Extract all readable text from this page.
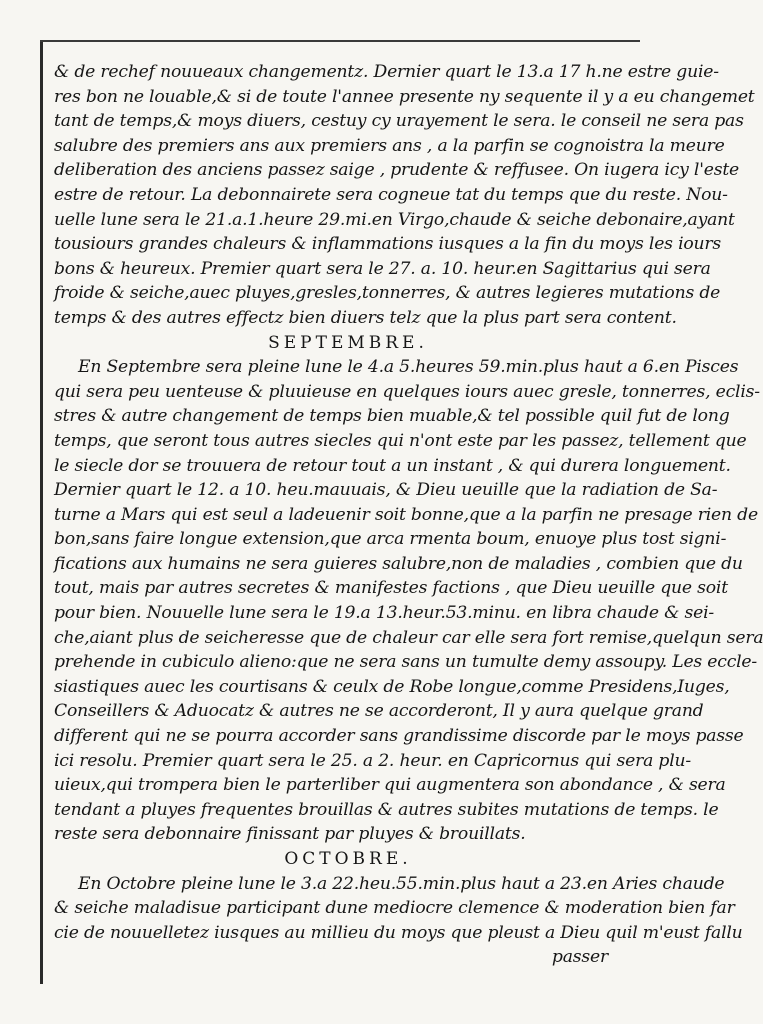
& de rechef nouueaux changementz. Dernier quart le 13.a 17 h.ne estre guie-

res bon ne louable,& si de toute l'annee presente ny sequente il y a eu changemet

tant de temps,& moys diuers, cestuy cy urayement le sera. le conseil ne sera pas

salubre des premiers ans aux premiers ans , a la parfin se cognoistra la meure

deliberation des anciens passez saige , prudente & reffusee. On iugera icy l'este

estre de retour. La debonnairete sera cogneue tat du temps que du reste. Nou-

uelle lune sera le 21.a.1.heure 29.mi.en Virgo,chaude & seiche debonaire,ayant

tousiours grandes chaleurs & inflammations iusques a la fin du moys les iours

bons & heureux. Premier quart sera le 27. a. 10. heur.en Sagittarius qui sera

froide & seiche,auec pluyes,gresles,tonnerres, & autres legieres mutations de

temps & des autres effectz bien diuers telz que la plus part sera content.

SEPTEMBRE.

En Septembre sera pleine lune le 4.a 5.heures 59.min.plus haut a 6.en Pisces

qui sera peu uenteuse & pluuieuse en quelques iours auec gresle, tonnerres, eclis-

stres & autre changement de temps bien muable,& tel possible quil fut de long

temps, que seront tous autres siecles qui n'ont este par les passez, tellement que

le siecle dor se trouuera de retour tout a un instant , & qui durera longuement.

Dernier quart le 12. a 10. heu.mauuais, & Dieu ueuille que la radiation de Sa-

turne a Mars qui est seul a ladeuenir soit bonne,que a la parfin ne presage rien de

bon,sans faire longue extension,que arca rmenta boum, enuoye plus tost signi-

fications aux humains ne sera guieres salubre,non de maladies , combien que du

tout, mais par autres secretes & manifestes factions , que Dieu ueuille que soit

pour bien. Nouuelle lune sera le 19.a 13.heur.53.minu. en libra chaude & sei-

che,aiant plus de seicheresse que de chaleur car elle sera fort remise,quelqun sera

prehende in cubiculo alieno:que ne sera sans un tumulte demy assoupy. Les eccle-

siastiques auec les courtisans & ceulx de Robe longue,comme Presidens,Iuges,

Conseillers & Aduocatz & autres ne se accorderont, Il y aura quelque grand

different qui ne se pourra accorder sans grandissime discorde par le moys passe

ici resolu. Premier quart sera le 25. a 2. heur. en Capricornus qui sera plu-

uieux,qui trompera bien le parterliber qui augmentera son abondance , & sera

tendant a pluyes frequentes brouillas & autres subites mutations de temps. le

reste sera debonnaire finissant par pluyes & brouillats.

OCTOBRE.

En Octobre pleine lune le 3.a 22.heu.55.min.plus haut a 23.en Aries chaude

& seiche maladisue participant dune mediocre clemence & moderation bien far

cie de nouuelletez iusques au millieu du moys que pleust a Dieu quil m'eust fallu

passer
